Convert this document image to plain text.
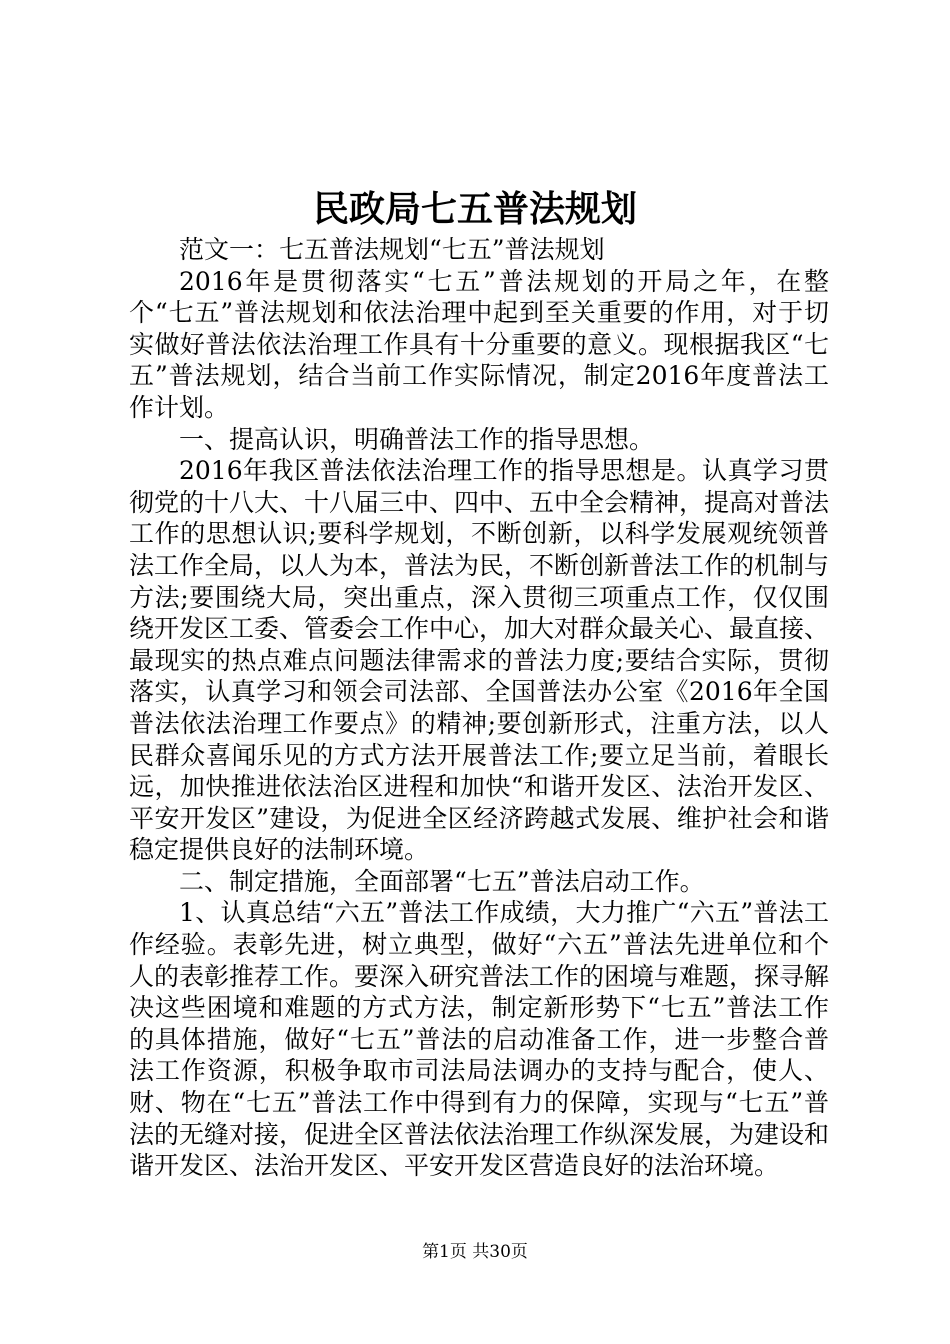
民政局七五普法规划

范文一：七五普法规划“七五”普法规划

2016年是贯彻落实“七五”普法规划的开局之年，在整个“七五”普法规划和依法治理中起到至关重要的作用，对于切实做好普法依法治理工作具有十分重要的意义。现根据我区“七五”普法规划，结合当前工作实际情况，制定2016年度普法工作计划。

一、提高认识，明确普法工作的指导思想。

2016年我区普法依法治理工作的指导思想是。认真学习贯彻党的十八大、十八届三中、四中、五中全会精神，提高对普法工作的思想认识;要科学规划，不断创新，以科学发展观统领普法工作全局，以人为本，普法为民，不断创新普法工作的机制与方法;要围绕大局，突出重点，深入贯彻三项重点工作，仅仅围绕开发区工委、管委会工作中心，加大对群众最关心、最直接、最现实的热点难点问题法律需求的普法力度;要结合实际，贯彻落实，认真学习和领会司法部、全国普法办公室《2016年全国普法依法治理工作要点》的精神;要创新形式，注重方法，以人民群众喜闻乐见的方式方法开展普法工作;要立足当前，着眼长远，加快推进依法治区进程和加快“和谐开发区、法治开发区、平安开发区”建设，为促进全区经济跨越式发展、维护社会和谐稳定提供良好的法制环境。

二、制定措施，全面部署“七五”普法启动工作。

1、认真总结“六五”普法工作成绩，大力推广“六五”普法工作经验。表彰先进，树立典型，做好“六五”普法先进单位和个人的表彰推荐工作。要深入研究普法工作的困境与难题，探寻解决这些困境和难题的方式方法，制定新形势下“七五”普法工作的具体措施，做好“七五”普法的启动准备工作，进一步整合普法工作资源，积极争取市司法局法调办的支持与配合，使人、财、物在“七五”普法工作中得到有力的保障，实现与“七五”普法的无缝对接，促进全区普法依法治理工作纵深发展，为建设和谐开发区、法治开发区、平安开发区营造良好的法治环境。

第1页 共30页
